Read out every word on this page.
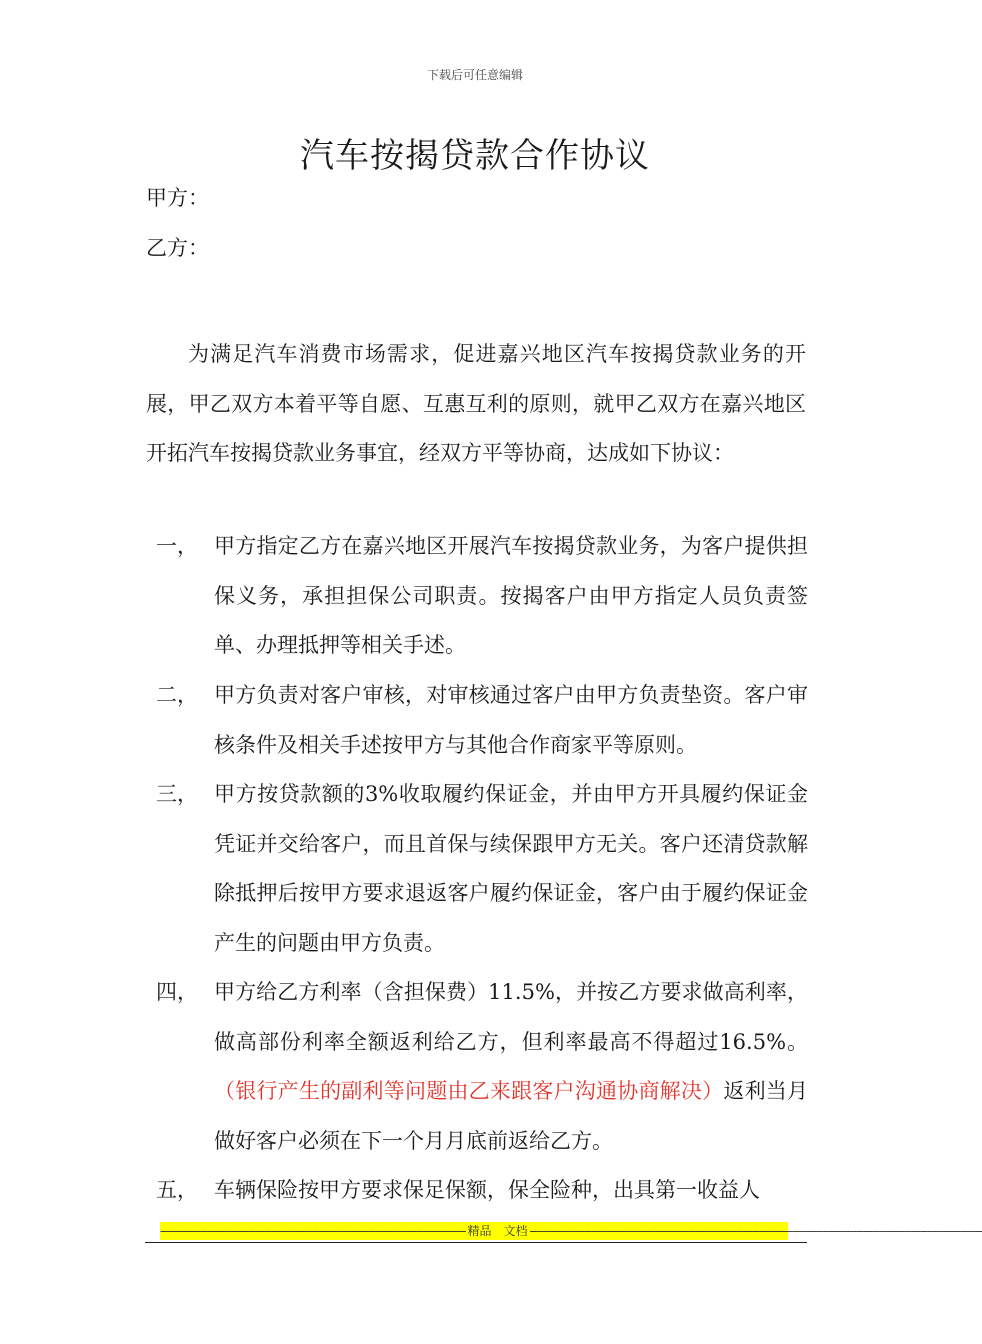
下载后可任意编辑
汽车按揭贷款合作协议
甲方：
乙方：

为满足汽车消费市场需求，促进嘉兴地区汽车按揭贷款业务的开展，甲乙双方本着平等自愿、互惠互利的原则，就甲乙双方在嘉兴地区开拓汽车按揭贷款业务事宜，经双方平等协商，达成如下协议：

一， 甲方指定乙方在嘉兴地区开展汽车按揭贷款业务，为客户提供担保义务，承担担保公司职责。按揭客户由甲方指定人员负责签单、办理抵押等相关手述。
二， 甲方负责对客户审核，对审核通过客户由甲方负责垫资。客户审核条件及相关手述按甲方与其他合作商家平等原则。
三， 甲方按贷款额的3%收取履约保证金，并由甲方开具履约保证金凭证并交给客户，而且首保与续保跟甲方无关。客户还清贷款解除抵押后按甲方要求退返客户履约保证金，客户由于履约保证金产生的问题由甲方负责。
四， 甲方给乙方利率（含担保费）11.5%，并按乙方要求做高利率，做高部份利率全额返利给乙方，但利率最高不得超过16.5%。（银行产生的副利等问题由乙来跟客户沟通协商解决）返利当月做好客户必须在下一个月月底前返给乙方。
五， 车辆保险按甲方要求保足保额，保全险种，出具第一收益人
---------------------------------------------------------------------------------------------------- 精品　文档 ----------------------------------------------------------------------------------------------------------------------------------------------------
